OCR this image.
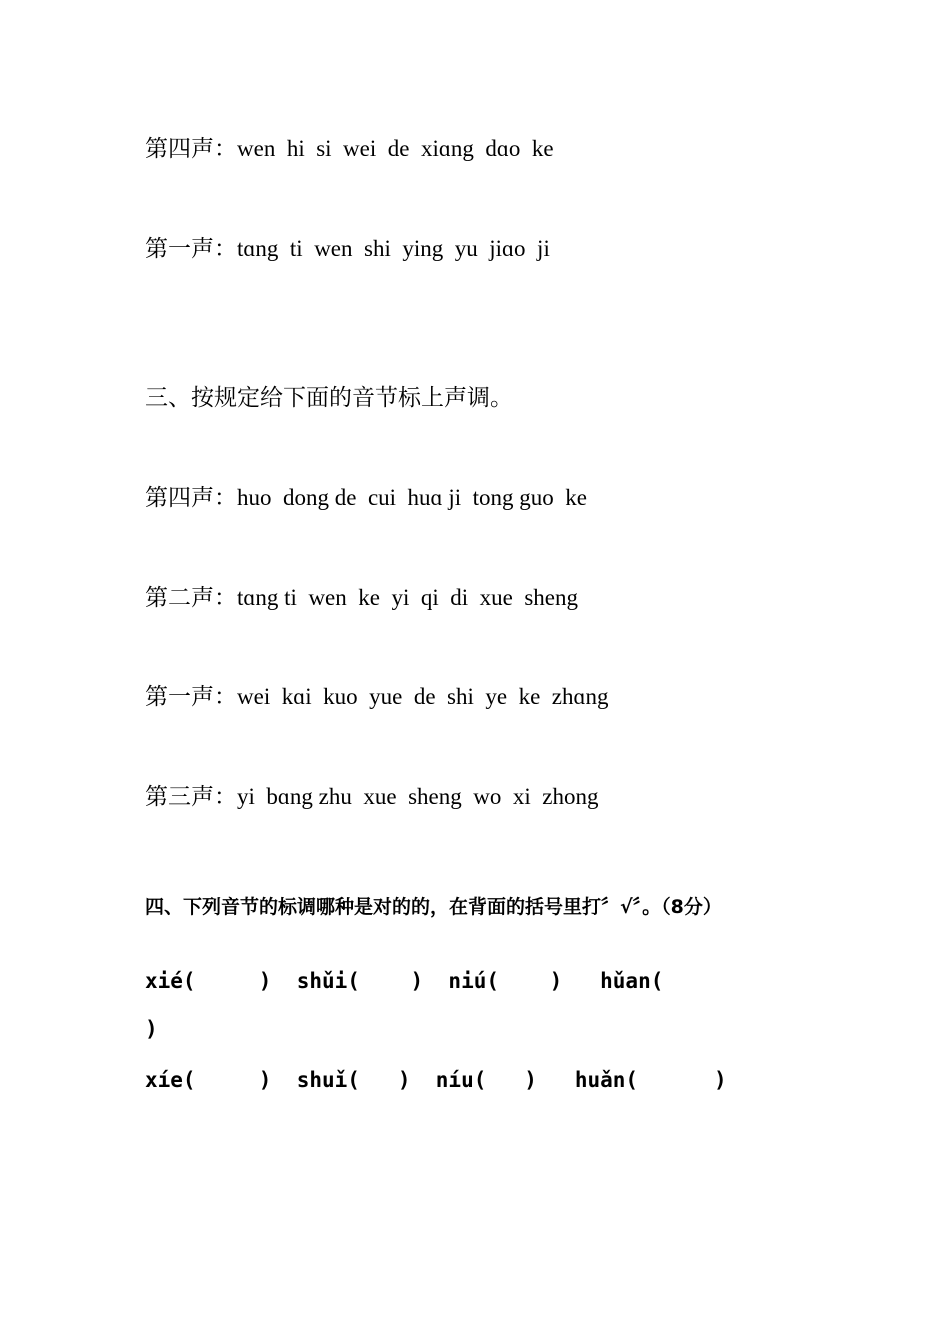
第四声：wen  hi  si  wei  de  xiɑng  dɑo  ke
第一声：tɑng  ti  wen  shi  ying  yu  jiɑo  ji
三、按规定给下面的音节标上声调。
第四声：huo  dong de  cui  huɑ ji  tong guo  ke
第二声：tɑng ti  wen  ke  yi  qi  di  xue  sheng
第一声：wei  kɑi  kuo  yue  de  shi  ye  ke  zhɑng
第三声：yi  bɑng zhu  xue  sheng  wo  xi  zhong
四、下列音节的标调哪种是对的的，在背面的括号里打〞√〞。（8分）
xié(     )  shǔi(    )  niú(    )   hǔan(
)
xíe(     )  shuǐ(   )  níu(   )   huǎn(      )
